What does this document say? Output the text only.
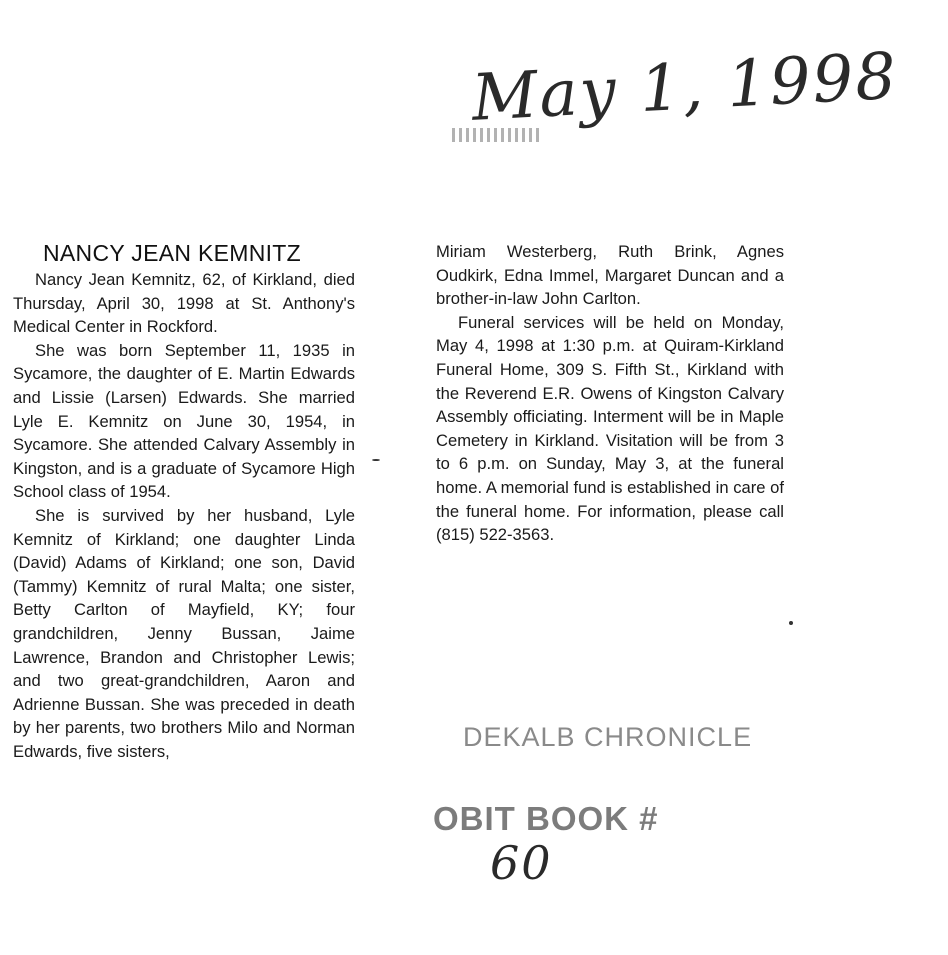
May 1, 1998
NANCY JEAN KEMNITZ

Nancy Jean Kemnitz, 62, of Kirkland, died Thursday, April 30, 1998 at St. Anthony's Medical Center in Rockford.

She was born September 11, 1935 in Sycamore, the daughter of E. Martin Edwards and Lissie (Larsen) Edwards. She married Lyle E. Kemnitz on June 30, 1954, in Sycamore. She attended Calvary Assembly in Kingston, and is a graduate of Sycamore High School class of 1954.

She is survived by her husband, Lyle Kemnitz of Kirkland; one daughter Linda (David) Adams of Kirkland; one son, David (Tammy) Kemnitz of rural Malta; one sister, Betty Carlton of Mayfield, KY; four grandchildren, Jenny Bussan, Jaime Lawrence, Brandon and Christopher Lewis; and two great-grandchildren, Aaron and Adrienne Bussan. She was preceded in death by her parents, two brothers Milo and Norman Edwards, five sisters,

Miriam Westerberg, Ruth Brink, Agnes Oudkirk, Edna Immel, Margaret Duncan and a brother-in-law John Carlton.

Funeral services will be held on Monday, May 4, 1998 at 1:30 p.m. at Quiram-Kirkland Funeral Home, 309 S. Fifth St., Kirkland with the Reverend E.R. Owens of Kingston Calvary Assembly officiating. Interment will be in Maple Cemetery in Kirkland. Visitation will be from 3 to 6 p.m. on Sunday, May 3, at the funeral home. A memorial fund is established in care of the funeral home. For information, please call (815) 522-3563.

DEKALB CHRONICLE
OBIT BOOK #
60
